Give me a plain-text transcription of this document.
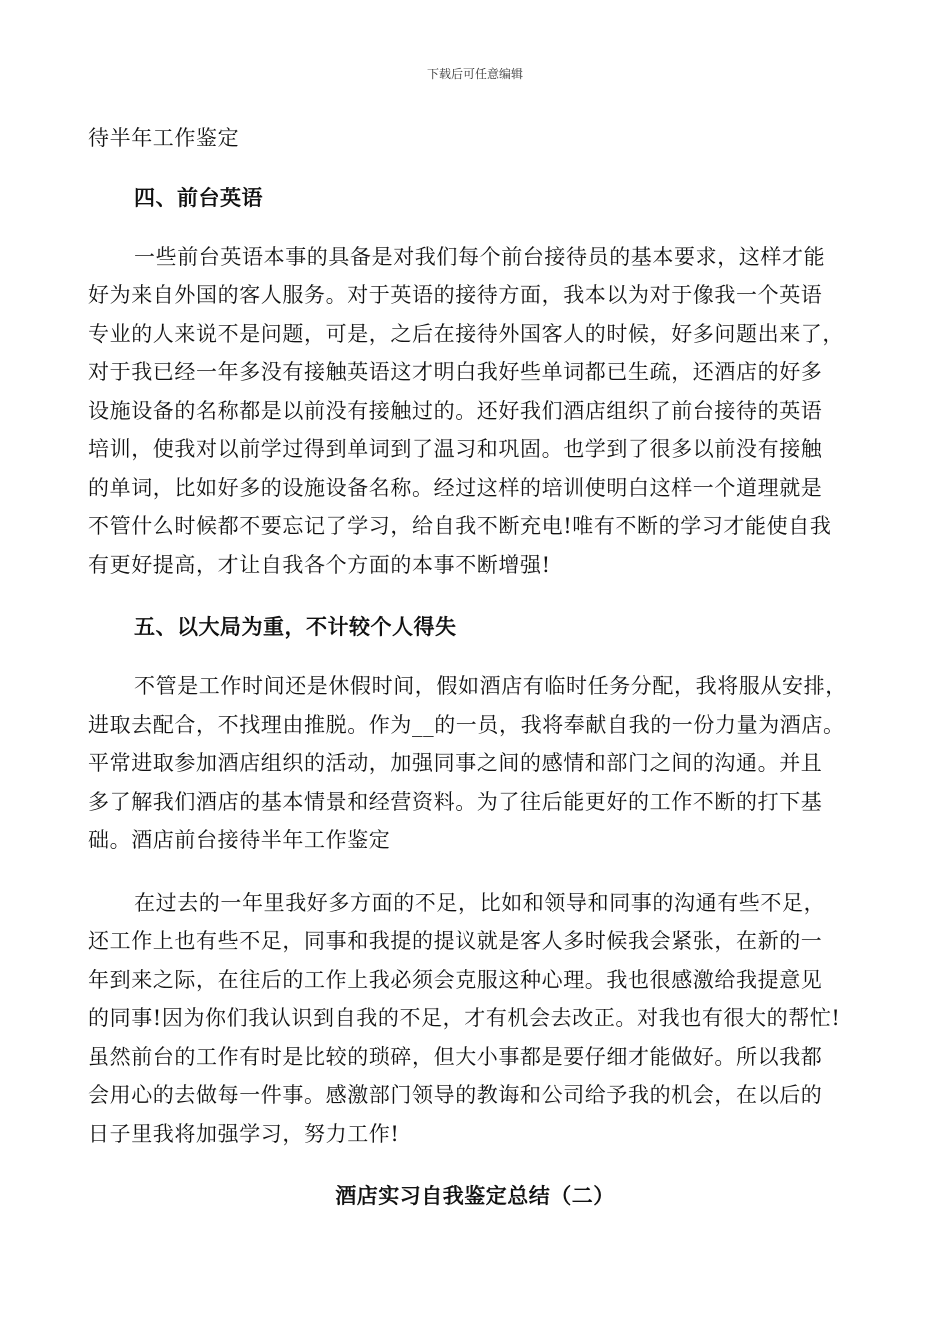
下载后可任意编辑
待半年工作鉴定
四、前台英语

一些前台英语本事的具备是对我们每个前台接待员的基本要求，这样才能

好为来自外国的客人服务。对于英语的接待方面，我本以为对于像我一个英语

专业的人来说不是问题，可是，之后在接待外国客人的时候，好多问题出来了，

对于我已经一年多没有接触英语这才明白我好些单词都已生疏，还酒店的好多

设施设备的名称都是以前没有接触过的。还好我们酒店组织了前台接待的英语

培训，使我对以前学过得到单词到了温习和巩固。也学到了很多以前没有接触

的单词，比如好多的设施设备名称。经过这样的培训使明白这样一个道理就是

不管什么时候都不要忘记了学习，给自我不断充电!唯有不断的学习才能使自我

有更好提高，才让自我各个方面的本事不断增强!

五、以大局为重，不计较个人得失

不管是工作时间还是休假时间，假如酒店有临时任务分配，我将服从安排，

进取去配合，不找理由推脱。作为__的一员，我将奉献自我的一份力量为酒店。

平常进取参加酒店组织的活动，加强同事之间的感情和部门之间的沟通。并且

多了解我们酒店的基本情景和经营资料。为了往后能更好的工作不断的打下基

础。酒店前台接待半年工作鉴定

在过去的一年里我好多方面的不足，比如和领导和同事的沟通有些不足，

还工作上也有些不足，同事和我提的提议就是客人多时候我会紧张，在新的一

年到来之际，在往后的工作上我必须会克服这种心理。我也很感激给我提意见

的同事!因为你们我认识到自我的不足，才有机会去改正。对我也有很大的帮忙!

虽然前台的工作有时是比较的琐碎，但大小事都是要仔细才能做好。所以我都

会用心的去做每一件事。感激部门领导的教诲和公司给予我的机会，在以后的

日子里我将加强学习，努力工作!

酒店实习自我鉴定总结（二）
